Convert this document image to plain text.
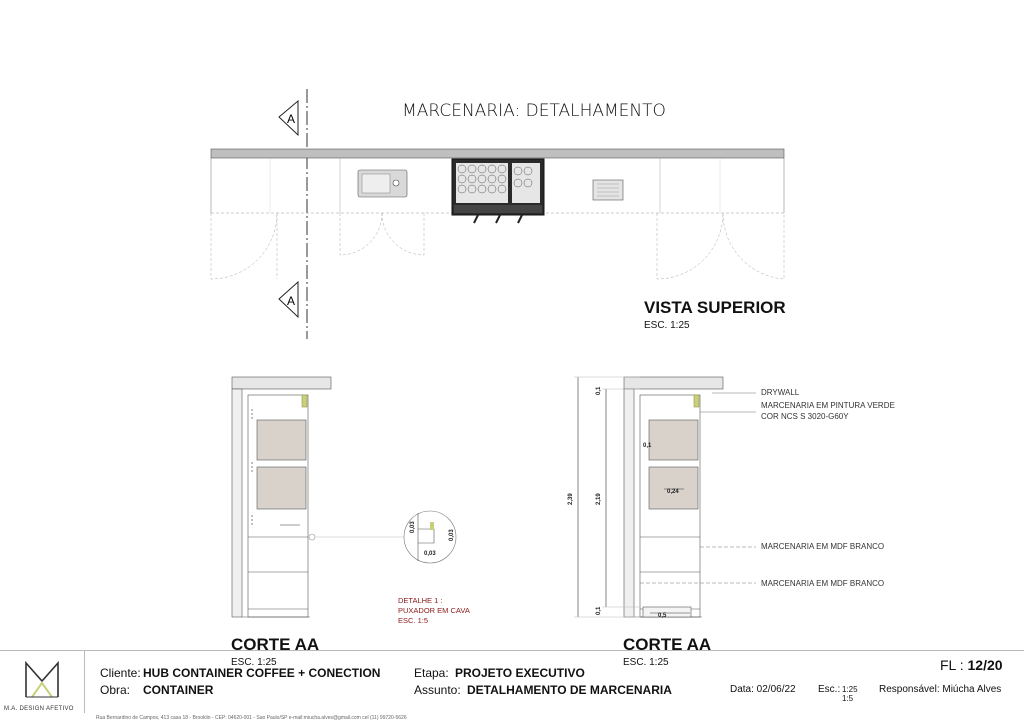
MARCENARIA: DETALHAMENTO
A
A	VISTA SUPERIOR
ESC. 1:25
CORTE AA
ESC. 1:25
0,03
0,03
0,03
DETALHE 1 :
PUXADOR EM CAVA
ESC. 1:5
0,1
2,39	2,19
0,1
0,1
0,24
0,5
DRYWALL
MARCENARIA EM PINTURA VERDE
COR NCS S 3020-G60Y
MARCENARIA EM MDF BRANCO
MARCENARIA EM MDF BRANCO
CORTE AA
ESC. 1:25
M.A. DESIGN AFETIVO
Cliente: HUB CONTAINER COFFEE + CONECTION
Obra: CONTAINER
Etapa: PROJETO EXECUTIVO
Assunto: DETALHAMENTO DE MARCENARIA
FL : 12/20
Data: 02/06/22 Esc.: 1:25
1:5
Responsável: Miúcha Alves
Rua Bernardino de Campos, 413 casa 18 - Brooklin - CEP: 04620-001 - Sao Paulo/SP e-mail:miucha.alves@gmail.com cel (11) 99720-5626
